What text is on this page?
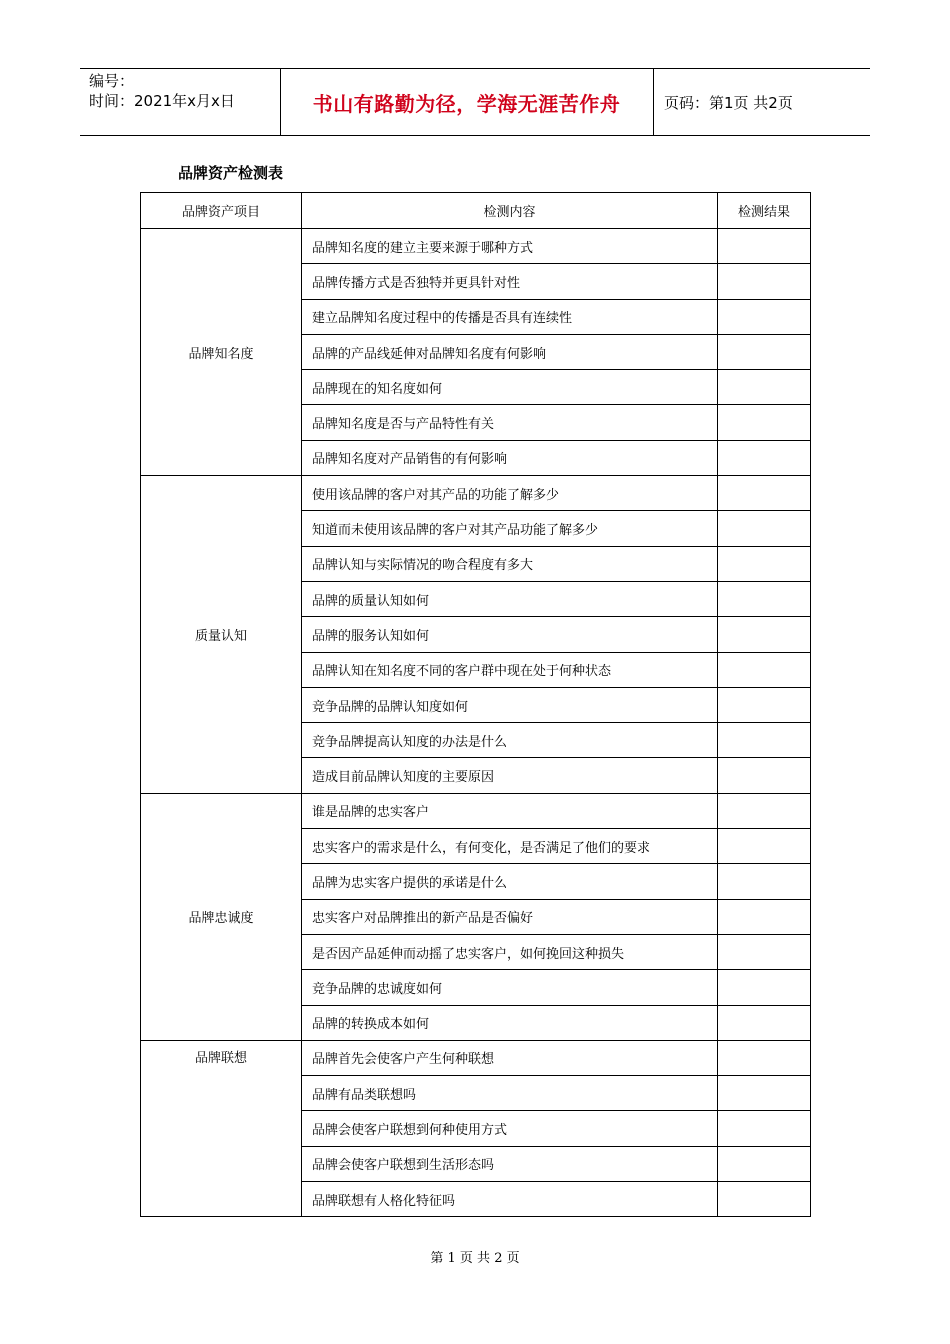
编号：
时间：2021年x月x日	书山有路勤为径，学海无涯苦作舟	页码：第1页 共2页
品牌资产检测表
品牌资产项目	检测内容	检测结果
品牌知名度	品牌知名度的建立主要来源于哪种方式	
	品牌传播方式是否独特并更具针对性	
	建立品牌知名度过程中的传播是否具有连续性	
	品牌的产品线延伸对品牌知名度有何影响	
	品牌现在的知名度如何	
	品牌知名度是否与产品特性有关	
	品牌知名度对产品销售的有何影响	
质量认知	使用该品牌的客户对其产品的功能了解多少	
	知道而未使用该品牌的客户对其产品功能了解多少	
	品牌认知与实际情况的吻合程度有多大	
	品牌的质量认知如何	
	品牌的服务认知如何	
	品牌认知在知名度不同的客户群中现在处于何种状态	
	竞争品牌的品牌认知度如何	
	竞争品牌提高认知度的办法是什么	
	造成目前品牌认知度的主要原因	
品牌忠诚度	谁是品牌的忠实客户	
	忠实客户的需求是什么，有何变化，是否满足了他们的要求	
	品牌为忠实客户提供的承诺是什么	
	忠实客户对品牌推出的新产品是否偏好	
	是否因产品延伸而动摇了忠实客户，如何挽回这种损失	
	竞争品牌的忠诚度如何	
	品牌的转换成本如何	
品牌联想	品牌首先会使客户产生何种联想	
	品牌有品类联想吗	
	品牌会使客户联想到何种使用方式	
	品牌会使客户联想到生活形态吗	
	品牌联想有人格化特征吗	
第 1 页 共 2 页
